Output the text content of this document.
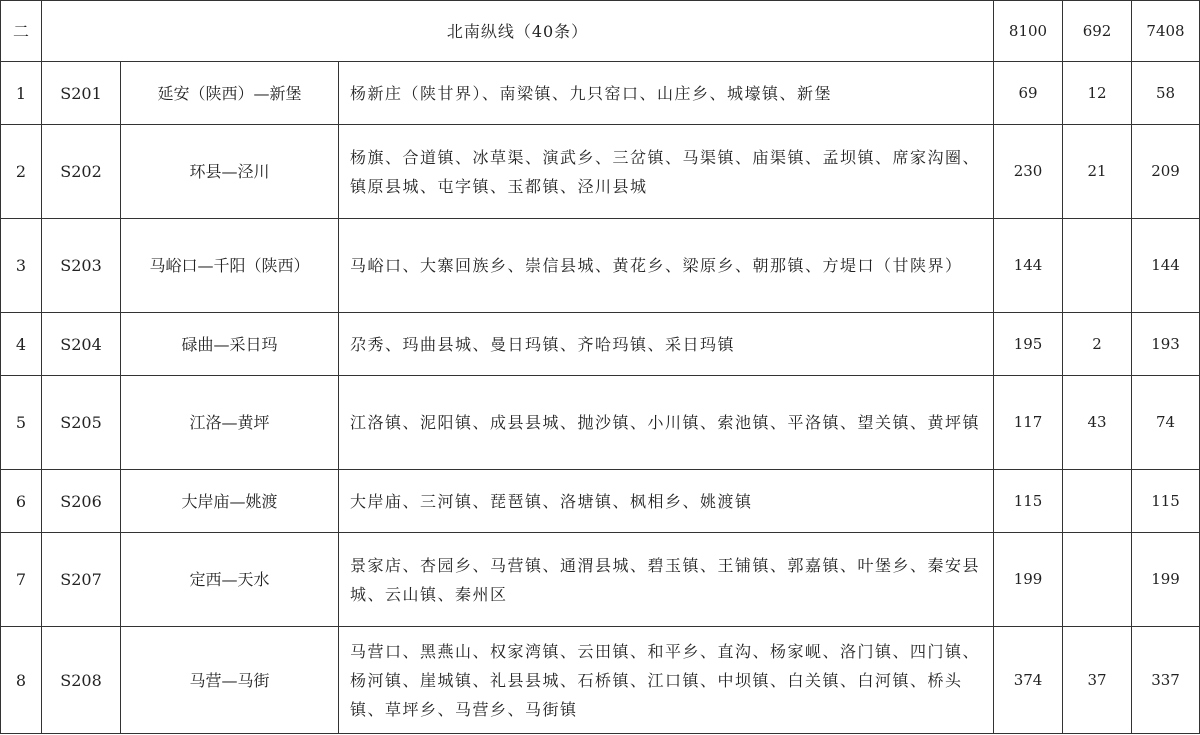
二	北南纵线（40条）			8100	692	7408
1	S201	延安（陕西）—新堡	杨新庄（陕甘界）、南梁镇、九只窑口、山庄乡、城壕镇、新堡	69	12	58
2	S202	环县—泾川	杨旗、合道镇、冰草渠、演武乡、三岔镇、马渠镇、庙渠镇、孟坝镇、席家沟圈、镇原县城、屯字镇、玉都镇、泾川县城	230	21	209
3	S203	马峪口—千阳（陕西）	马峪口、大寨回族乡、崇信县城、黄花乡、梁原乡、朝那镇、方堤口（甘陕界）	144		144
4	S204	碌曲—采日玛	尕秀、玛曲县城、曼日玛镇、齐哈玛镇、采日玛镇	195	2	193
5	S205	江洛—黄坪	江洛镇、泥阳镇、成县县城、抛沙镇、小川镇、索池镇、平洛镇、望关镇、黄坪镇	117	43	74
6	S206	大岸庙—姚渡	大岸庙、三河镇、琵琶镇、洛塘镇、枫相乡、姚渡镇	115		115
7	S207	定西—天水	景家店、杏园乡、马营镇、通渭县城、碧玉镇、王铺镇、郭嘉镇、叶堡乡、秦安县城、云山镇、秦州区	199		199
8	S208	马营—马街	马营口、黑燕山、权家湾镇、云田镇、和平乡、直沟、杨家岘、洛门镇、四门镇、杨河镇、崖城镇、礼县县城、石桥镇、江口镇、中坝镇、白关镇、白河镇、桥头镇、草坪乡、马营乡、马街镇	374	37	337
